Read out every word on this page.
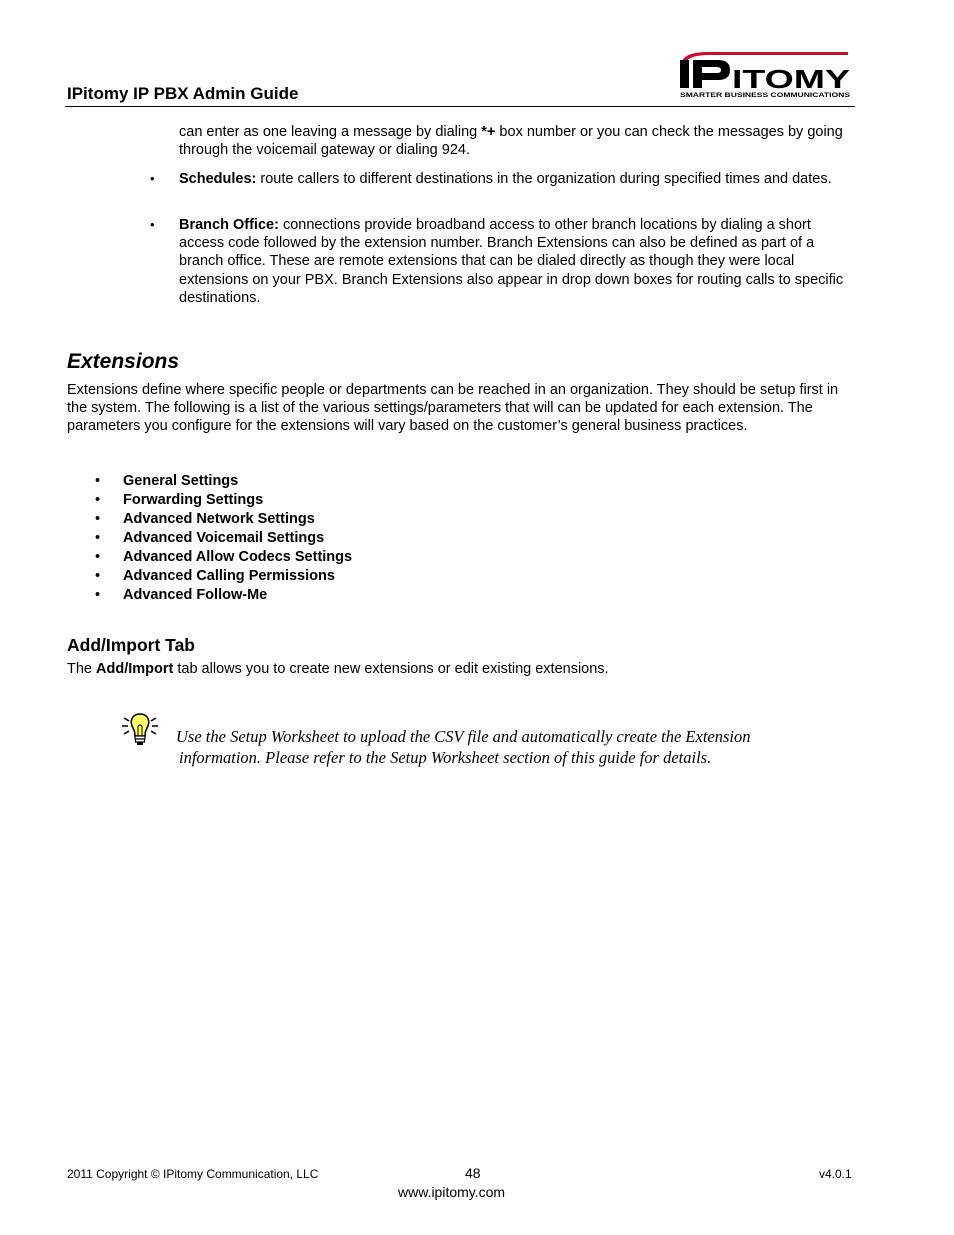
IPitomy IP PBX Admin Guide	ITOMY
SMARTER BUSINESS COMMUNICATIONS
can enter as one leaving a message by dialing *+ box number or you can check the messages by going through the voicemail gateway or dialing 924.
• Schedules: route callers to different destinations in the organization during specified times and dates.
• Branch Office: connections provide broadband access to other branch locations by dialing a short access code followed by the extension number. Branch Extensions can also be defined as part of a branch office. These are remote extensions that can be dialed directly as though they were local extensions on your PBX. Branch Extensions also appear in drop down boxes for routing calls to specific destinations.
Extensions
Extensions define where specific people or departments can be reached in an organization. They should be setup first in the system. The following is a list of the various settings/parameters that will can be updated for each extension. The parameters you configure for the extensions will vary based on the customer’s general business practices.
• General Settings
• Forwarding Settings
• Advanced Network Settings
• Advanced Voicemail Settings
• Advanced Allow Codecs Settings
• Advanced Calling Permissions
• Advanced Follow-Me
Add/Import Tab
The Add/Import tab allows you to create new extensions or edit existing extensions.
Use the Setup Worksheet to upload the CSV file and automatically create the Extension
information. Please refer to the Setup Worksheet section of this guide for details.
2011 Copyright © IPitomy Communication, LLC	48
www.ipitomy.com
v4.0.1
